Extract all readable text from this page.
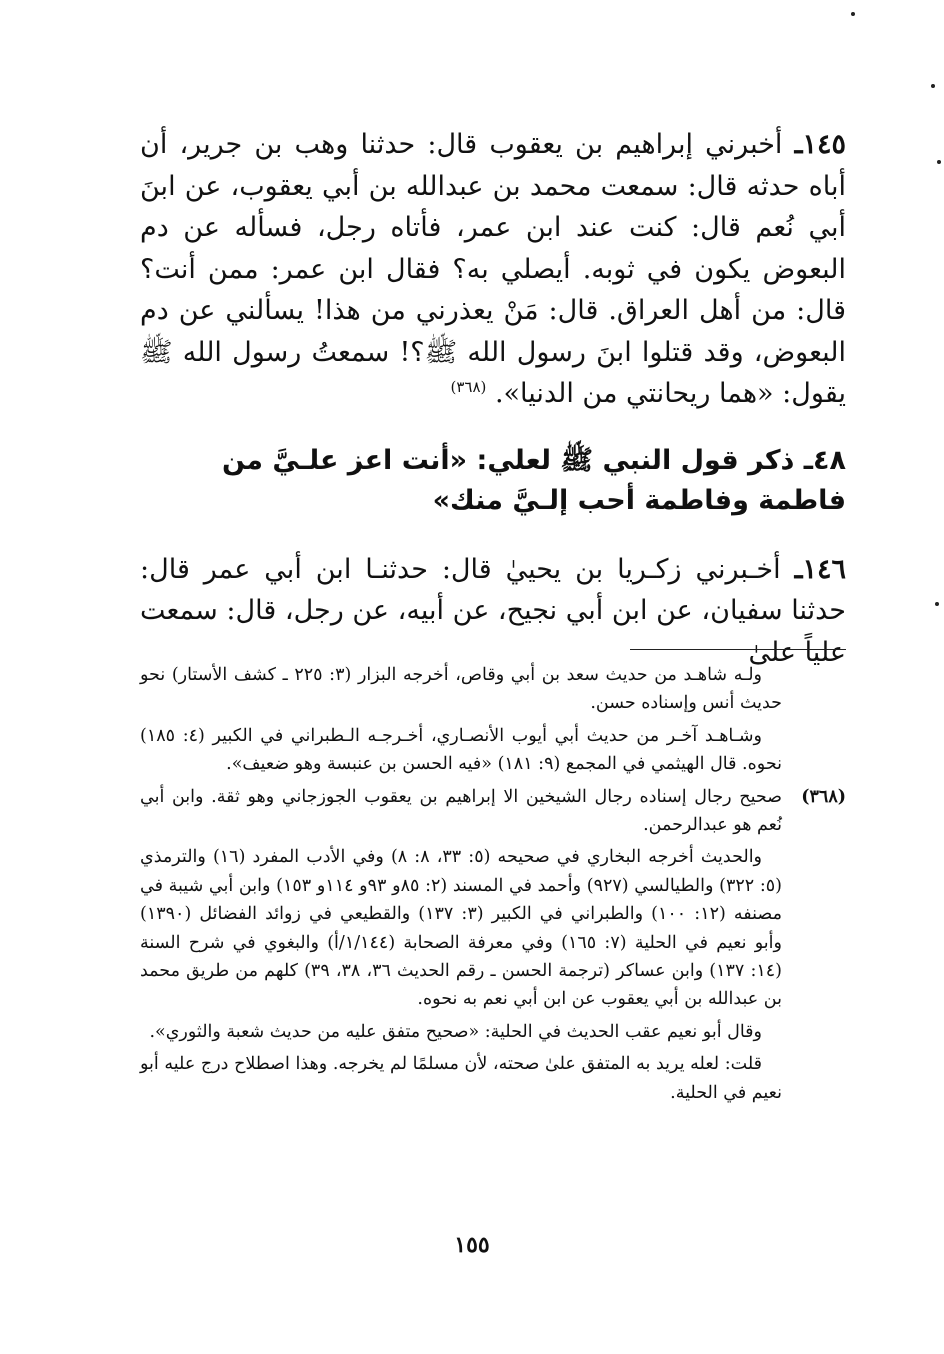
١٤٥ـ أخبرني إبراهيم بن يعقوب قال: حدثنا وهب بن جرير، أن أباه حدثه قال: سمعت محمد بن عبدالله بن أبي يعقوب، عن ابنَ أبي نُعم قال: كنت عند ابن عمر، فأتاه رجل، فسأله عن دم البعوض يكون في ثوبه. أيصلي به؟ فقال ابن عمر: ممن أنت؟ قال: من أهل العراق. قال: مَنْ يعذرني من هذا! يسألني عن دم البعوض، وقد قتلوا ابنَ رسول الله ﷺ؟! سمعتُ رسول الله ﷺ يقول: «هما ريحانتي من الدنيا». $^{(٣٦٨)}$

٤٨ـ ذكر قول النبي ﷺ لعلي: «أنت اعز علـيَّ من فاطمة وفاطمة أحب إلـيَّ منك»

١٤٦ـ أخـبرني زكـريا بن يحييٰ قال: حدثنـا ابن أبي عمر قال: حدثنا سفيان، عن ابن أبي نجيح، عن أبيه، عن رجل، قال: سمعت علياً علىٰ

ولـه شاهـد من حديث سعد بن أبي وقاص، أخرجه البزار (٣: ٢٢٥ ـ كشف الأستار) نحو حديث أنس وإسناده حسن.

وشـاهـد آخـر من حديث أبي أيوب الأنصـاري، أخـرجـه الـطبراني في الكبير (٤: ١٨٥) نحوه. قال الهيثمي في المجمع (٩: ١٨١) «فيه الحسن بن عنبسة وهو ضعيف».

(٣٦٨)

صحيح رجال إسناده رجال الشيخين الا إبراهيم بن يعقوب الجوزجاني وهو ثقة. وابن أبي نُعم هو عبدالرحمن.

والحديث أخرجه البخاري في صحيحه (٥: ٣٣، ٨: ٨) وفي الأدب المفرد (١٦) والترمذي (٥: ٣٢٢) والطيالسي (٩٢٧) وأحمد في المسند (٢: ٨٥و ٩٣و ١١٤و ١٥٣) وابن أبي شيبة في مصنفه (١٢: ١٠٠) والطبراني في الكبير (٣: ١٣٧) والقطيعي في زوائد الفضائل (١٣٩٠) وأبو نعيم في الحلية (٧: ١٦٥) وفي معرفة الصحابة (١/١٤٤/أ) والبغوي في شرح السنة (١٤: ١٣٧) وابن عساكر (ترجمة الحسن ـ رقم الحديث ٣٦، ٣٨، ٣٩) كلهم من طريق محمد بن عبدالله بن أبي يعقوب عن ابن أبي نعم به نحوه.

وقال أبو نعيم عقب الحديث في الحلية: «صحيح متفق عليه من حديث شعبة والثوري».

قلت: لعله يريد به المتفق علىٰ صحته، لأن مسلمًا لم يخرجه. وهذا اصطلاح درج عليه أبو نعيم في الحلية.

١٥٥
